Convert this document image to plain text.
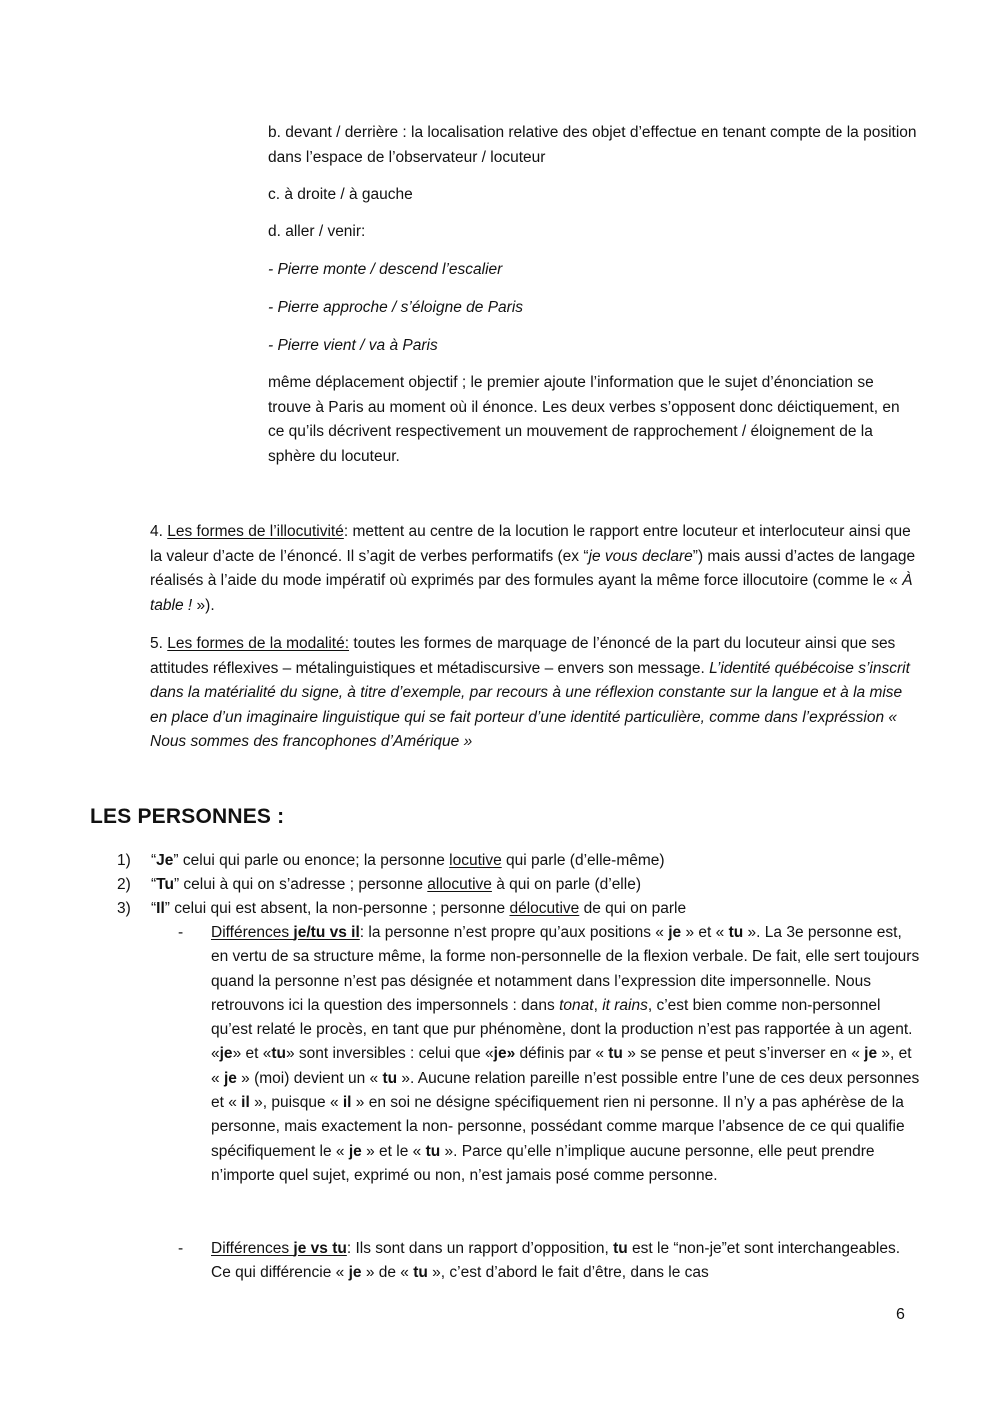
b. devant / derrière : la localisation relative des objet d’effectue en tenant compte de la position dans l’espace de l’observateur / locuteur

c. à droite / à gauche

d. aller / venir:

- Pierre monte / descend l’escalier

- Pierre approche / s’éloigne de Paris

- Pierre vient / va à Paris

même déplacement objectif ; le premier ajoute l’information que le sujet d’énonciation se trouve à Paris au moment où il énonce. Les deux verbes s’opposent donc déictiquement, en ce qu’ils décrivent respectivement un mouvement de rapprochement / éloignement de la sphère du locuteur.

4. Les formes de l’illocutivité: mettent au centre de la locution le rapport entre locuteur et interlocuteur ainsi que la valeur d’acte de l’énoncé. Il s’agit de verbes performatifs (ex “je vous declare”) mais aussi d’actes de langage réalisés à l’aide du mode impératif où exprimés par des formules ayant la même force illocutoire (comme le « À table ! »).

5. Les formes de la modalité: toutes les formes de marquage de l’énoncé de la part du locuteur ainsi que ses attitudes réflexives – métalinguistiques et métadiscursive – envers son message. L’identité québécoise s’inscrit dans la matérialité du signe, à titre d’exemple, par recours à une réflexion constante sur la langue et à la mise en place d’un imaginaire linguistique qui se fait porteur d’une identité particulière, comme dans l’expréssion « Nous sommes des francophones d’Amérique »

LES PERSONNES :

1) “Je” celui qui parle ou enonce; la personne locutive qui parle (d’elle-même)

2) “Tu” celui à qui on s’adresse ; personne allocutive à qui on parle (d’elle)

3) “Il” celui qui est absent, la non-personne ; personne délocutive de qui on parle

- Différences je/tu vs il: la personne n’est propre qu’aux positions « je » et « tu ». La 3e personne est, en vertu de sa structure même, la forme non-personnelle de la flexion verbale. De fait, elle sert toujours quand la personne n’est pas désignée et notamment dans l’expression dite impersonnelle. Nous retrouvons ici la question des impersonnels : dans tonat, it rains, c’est bien comme non-personnel qu’est relaté le procès, en tant que pur phénomène, dont la production n’est pas rapportée à un agent. «je» et «tu» sont inversibles : celui que «je» définis par « tu » se pense et peut s’inverser en « je », et « je » (moi) devient un « tu ». Aucune relation pareille n’est possible entre l’une de ces deux personnes et « il », puisque « il » en soi ne désigne spécifiquement rien ni personne. Il n’y a pas aphérèse de la personne, mais exactement la non- personne, possédant comme marque l’absence de ce qui qualifie spécifiquement le « je » et le « tu ». Parce qu’elle n’implique aucune personne, elle peut prendre n’importe quel sujet, exprimé ou non, n’est jamais posé comme personne.
- Différences je vs tu: Ils sont dans un rapport d’opposition, tu est le “non-je”et sont interchangeables. Ce qui différencie « je » de « tu », c’est d’abord le fait d’être, dans le cas

6
